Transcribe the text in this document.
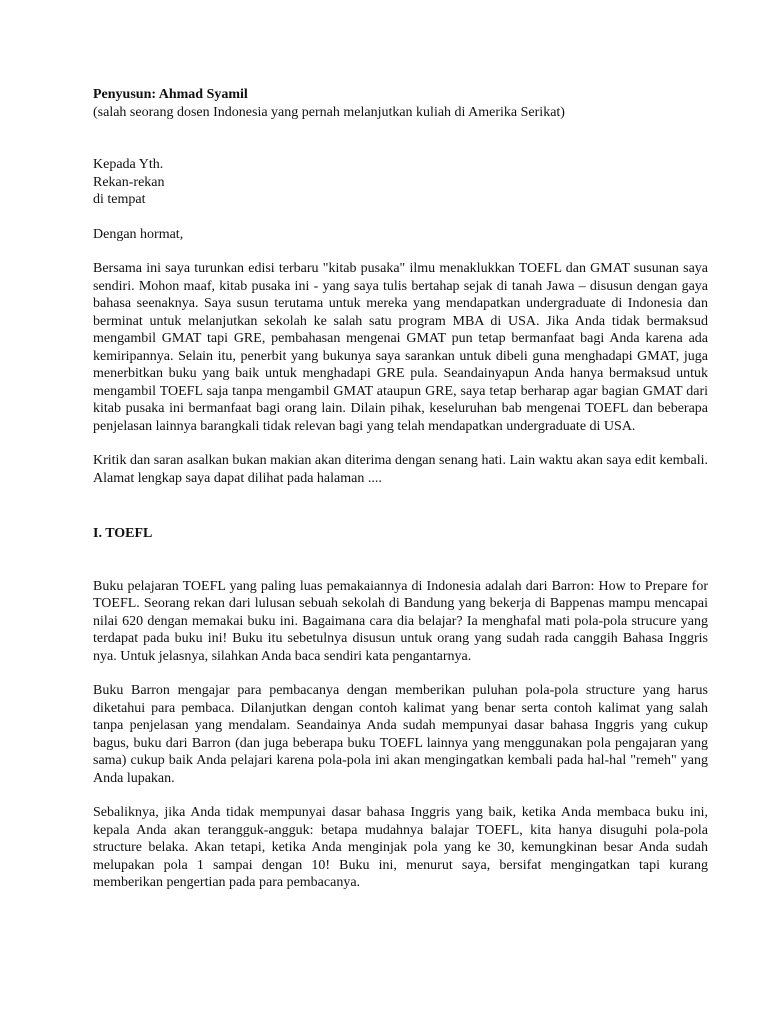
Penyusun: Ahmad Syamil
(salah seorang dosen Indonesia yang pernah melanjutkan kuliah di Amerika Serikat)
Kepada Yth.
Rekan-rekan
di tempat
Dengan hormat,

Bersama ini saya turunkan edisi terbaru "kitab pusaka" ilmu menaklukkan TOEFL dan GMAT susunan saya sendiri. Mohon maaf, kitab pusaka ini - yang saya tulis bertahap sejak di tanah Jawa – disusun dengan gaya bahasa seenaknya. Saya susun terutama untuk mereka yang mendapatkan undergraduate di Indonesia dan berminat untuk melanjutkan sekolah ke salah satu program MBA di USA. Jika Anda tidak bermaksud mengambil GMAT tapi GRE, pembahasan mengenai GMAT pun tetap bermanfaat bagi Anda karena ada kemiripannya. Selain itu, penerbit yang bukunya saya sarankan untuk dibeli guna menghadapi GMAT, juga menerbitkan buku yang baik untuk menghadapi GRE pula. Seandainyapun Anda hanya bermaksud untuk mengambil TOEFL saja tanpa mengambil GMAT ataupun GRE, saya tetap berharap agar bagian GMAT dari kitab pusaka ini bermanfaat bagi orang lain. Dilain pihak, keseluruhan bab mengenai TOEFL dan beberapa penjelasan lainnya barangkali tidak relevan bagi yang telah mendapatkan undergraduate di USA.

Kritik dan saran asalkan bukan makian akan diterima dengan senang hati. Lain waktu akan saya edit kembali. Alamat lengkap saya dapat dilihat pada halaman ....

I. TOEFL

Buku pelajaran TOEFL yang paling luas pemakaiannya di Indonesia adalah dari Barron: How to Prepare for TOEFL. Seorang rekan dari lulusan sebuah sekolah di Bandung yang bekerja di Bappenas mampu mencapai nilai 620 dengan memakai buku ini. Bagaimana cara dia belajar? Ia menghafal mati pola-pola strucure yang terdapat pada buku ini! Buku itu sebetulnya disusun untuk orang yang sudah rada canggih Bahasa Inggris nya. Untuk jelasnya, silahkan Anda baca sendiri kata pengantarnya.

Buku Barron mengajar para pembacanya dengan memberikan puluhan pola-pola structure yang harus diketahui para pembaca. Dilanjutkan dengan contoh kalimat yang benar serta contoh kalimat yang salah tanpa penjelasan yang mendalam. Seandainya Anda sudah mempunyai dasar bahasa Inggris yang cukup bagus, buku dari Barron (dan juga beberapa buku TOEFL lainnya yang menggunakan pola pengajaran yang sama) cukup baik Anda pelajari karena pola-pola ini akan mengingatkan kembali pada hal-hal "remeh" yang Anda lupakan.

Sebaliknya, jika Anda tidak mempunyai dasar bahasa Inggris yang baik, ketika Anda membaca buku ini, kepala Anda akan terangguk-angguk: betapa mudahnya balajar TOEFL, kita hanya disuguhi pola-pola structure belaka. Akan tetapi, ketika Anda menginjak pola yang ke 30, kemungkinan besar Anda sudah melupakan pola 1 sampai dengan 10! Buku ini, menurut saya, bersifat mengingatkan tapi kurang memberikan pengertian pada para pembacanya.
